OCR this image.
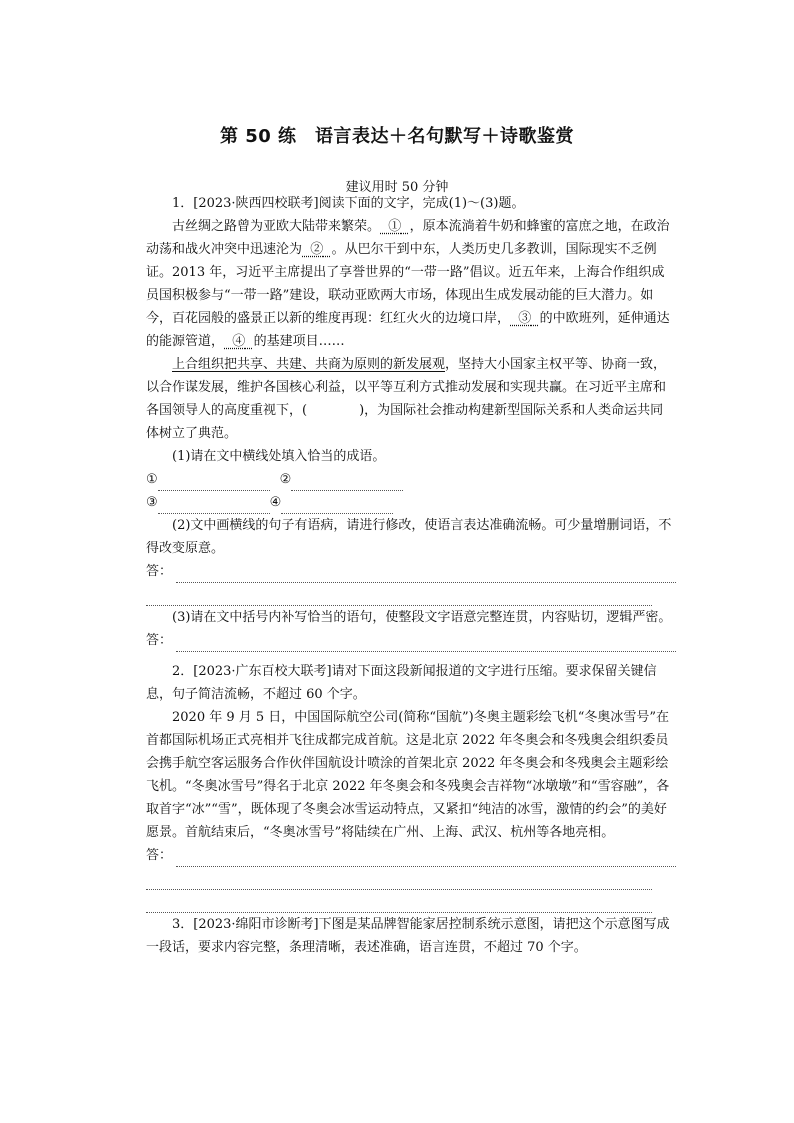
第 50 练　语言表达＋名句默写＋诗歌鉴赏
建议用时 50 分钟

1．[2023·陕西四校联考]阅读下面的文字，完成(1)～(3)题。

古丝绸之路曾为亚欧大陆带来繁荣。 ① ，原本流淌着牛奶和蜂蜜的富庶之地，在政治动荡和战火冲突中迅速沦为 ② 。从巴尔干到中东，人类历史几多教训，国际现实不乏例证。2013 年，习近平主席提出了享誉世界的“一带一路”倡议。近五年来，上海合作组织成员国积极参与“一带一路”建设，联动亚欧两大市场，体现出生成发展动能的巨大潜力。如今，百花园般的盛景正以新的维度再现：红红火火的边境口岸， ③ 的中欧班列，延伸通达的能源管道， ④ 的基建项目……

上合组织把共享、共建、共商为原则的新发展观，坚持大小国家主权平等、协商一致，以合作谋发展，维护各国核心利益，以平等互利方式推动发展和实现共赢。在习近平主席和各国领导人的高度重视下，(　　　　	)，为国际社会推动构建新型国际关系和人类命运共同体树立了典范。

(1)请在文中横线处填入恰当的成语。

①	②
③	④

(2)文中画横线的句子有语病，请进行修改，使语言表达准确流畅。可少量增删词语，不得改变原意。

答：

(3)请在文中括号内补写恰当的语句，使整段文字语意完整连贯，内容贴切，逻辑严密。

答：

2．[2023·广东百校大联考]请对下面这段新闻报道的文字进行压缩。要求保留关键信息，句子简洁流畅，不超过 60 个字。

2020 年 9 月 5 日，中国国际航空公司(简称“国航”)冬奥主题彩绘飞机“冬奥冰雪号”在首都国际机场正式亮相并飞往成都完成首航。这是北京 2022 年冬奥会和冬残奥会组织委员会携手航空客运服务合作伙伴国航设计喷涂的首架北京 2022 年冬奥会和冬残奥会主题彩绘飞机。“冬奥冰雪号”得名于北京 2022 年冬奥会和冬残奥会吉祥物“冰墩墩”和“雪容融”，各取首字“冰”“雪”，既体现了冬奥会冰雪运动特点，又紧扣“纯洁的冰雪，激情的约会”的美好愿景。首航结束后，“冬奥冰雪号”将陆续在广州、上海、武汉、杭州等各地亮相。

答：

3．[2023·绵阳市诊断考]下图是某品牌智能家居控制系统示意图，请把这个示意图写成一段话，要求内容完整，条理清晰，表述准确，语言连贯，不超过 70 个字。
